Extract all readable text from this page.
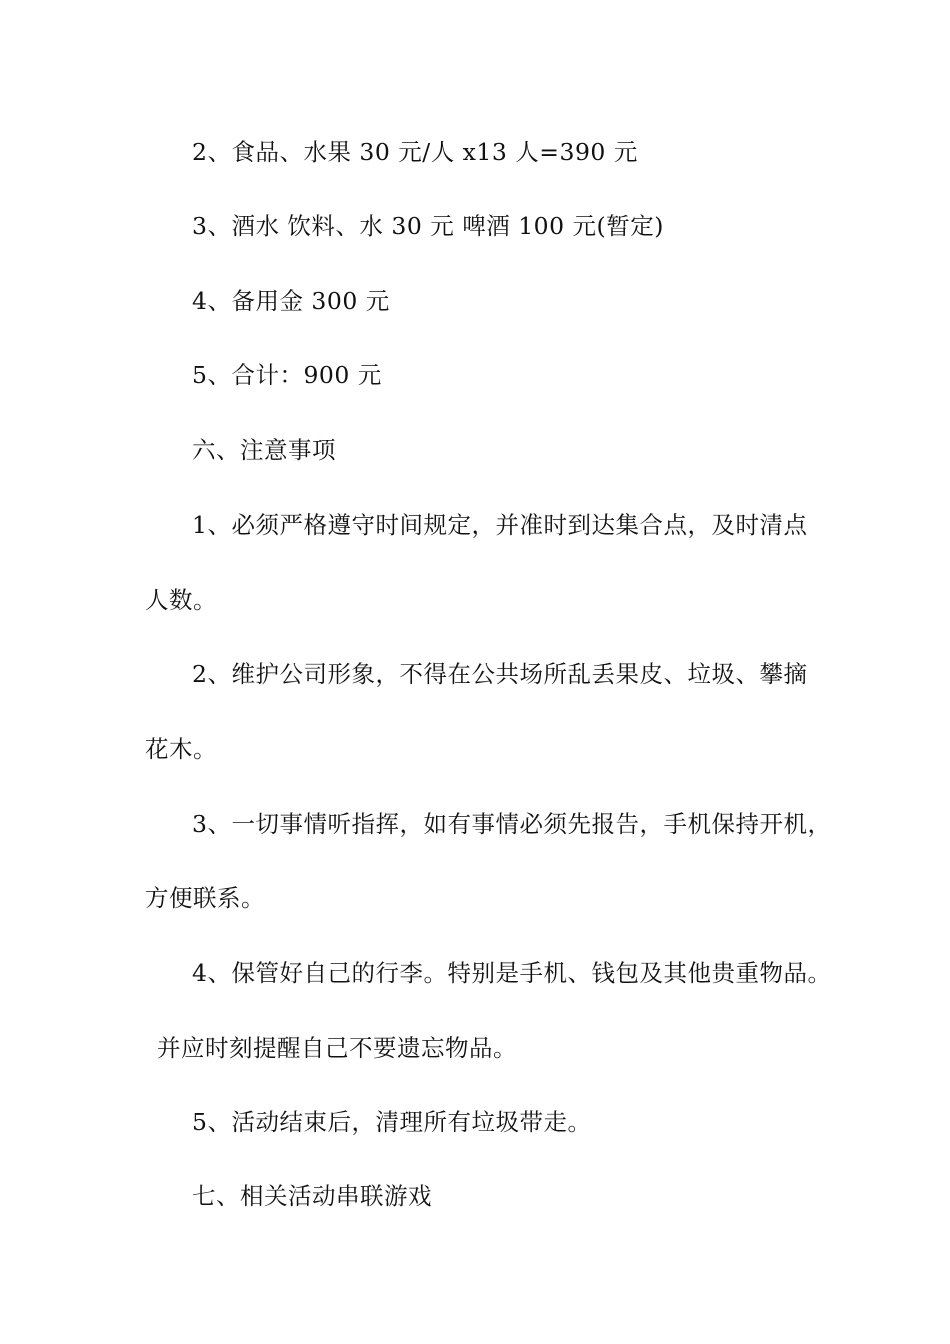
2、食品、水果 30 元/人 x13 人=390 元
3、酒水 饮料、水 30 元 啤酒 100 元(暂定)
4、备用金 300 元
5、合计：900 元
六、注意事项
1、必须严格遵守时间规定，并准时到达集合点，及时清点
人数。
2、维护公司形象，不得在公共场所乱丢果皮、垃圾、攀摘
花木。
3、一切事情听指挥，如有事情必须先报告，手机保持开机，
方便联系。
4、保管好自己的行李。特别是手机、钱包及其他贵重物品。
并应时刻提醒自己不要遗忘物品。
5、活动结束后，清理所有垃圾带走。
七、相关活动串联游戏
